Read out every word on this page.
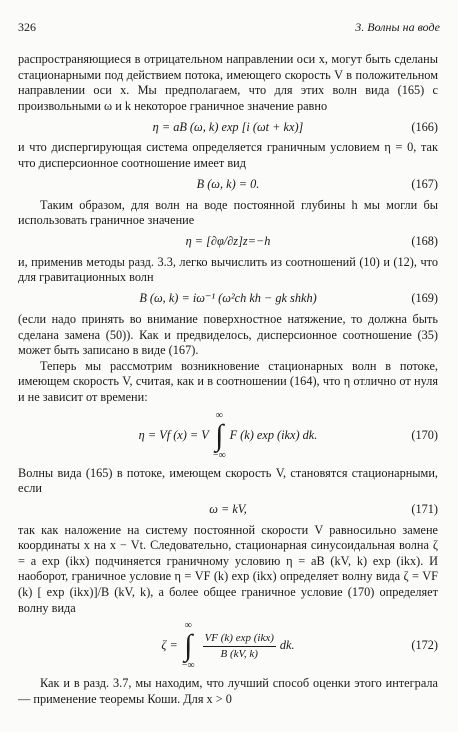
326	3. Волны на воде

распространяющиеся в отрицательном направлении оси x, могут быть сделаны стационарными под действием потока, имеющего скорость V в положительном направлении оси x. Мы предполагаем, что для этих волн вида (165) с произвольными ω и k некоторое граничное значение равно

η = aB (ω, k) exp [i (ωt + kx)]	(166)

и что диспергирующая система определяется граничным условием η = 0, так что дисперсионное соотношение имеет вид

B (ω, k) = 0.	(167)

Таким образом, для волн на воде постоянной глубины h мы могли бы использовать граничное значение

η = [∂φ/∂z]z=−h	(168)

и, применив методы разд. 3.3, легко вычислить из соотношений (10) и (12), что для гравитационных волн

B (ω, k) = iω⁻¹ (ω²ch kh − gk shkh)	(169)

(если надо принять во внимание поверхностное натяжение, то должна быть сделана замена (50)). Как и предвиделось, дисперсионное соотношение (35) может быть записано в виде (167).

Теперь мы рассмотрим возникновение стационарных волн в потоке, имеющем скорость V, считая, как и в соотношении (164), что η отлично от нуля и не зависит от времени:

η = Vf (x) = V
∞
∫
−∞
F (k) exp (ikx) dk.	(170)

Волны вида (165) в потоке, имеющем скорость V, становятся стационарными, если

ω = kV,	(171)

так как наложение на систему постоянной скорости V равносильно замене координаты x на x − Vt. Следовательно, стационарная синусоидальная волна ζ = a exp (ikx) подчиняется граничному условию η = aB (kV, k) exp (ikx). И наоборот, граничное условие η = VF (k) exp (ikx) определяет волну вида ζ = VF (k) [ exp (ikx)]/B (kV, k), а более общее граничное условие (170) определяет волну вида

ζ =
∞
∫
−∞
$\frac{\text{VF (k) exp (ikx)}}{B (kV, k)}$ dk.	(172)

Как и в разд. 3.7, мы находим, что лучший способ оценки этого интеграла — применение теоремы Коши. Для x > 0
